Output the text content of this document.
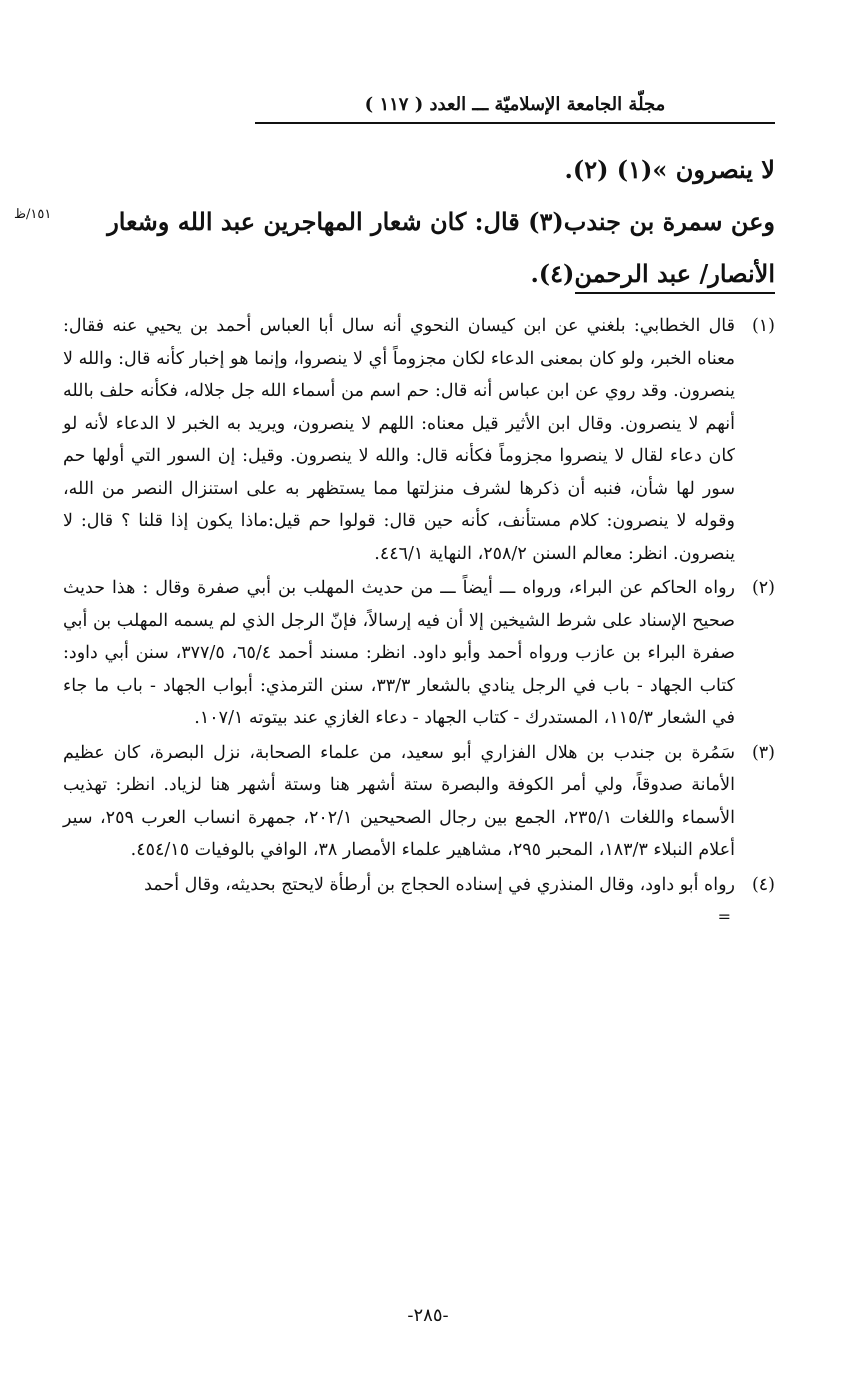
مجلّة الجامعة الإسلاميّة ـــ العدد ( ١١٧ )
لا ينصرون »(١) (٢).
وعن سمرة بن جندب(٣) قال: كان شعار المهاجرين عبد الله وشعار الأنصار/ عبد الرحمن(٤).
١٥١/ظ
(١)

قال الخطابي: بلغني عن ابن كيسان النحوي أنه سال أبا العباس أحمد بن يحيي عنه فقال: معناه الخبر، ولو كان بمعنى الدعاء لكان مجزوماً أي لا ينصروا، وإنما هو إخبار كأنه قال: والله لا ينصرون. وقد روي عن ابن عباس أنه قال: حم اسم من أسماء الله جل جلاله، فكأنه حلف بالله أنهم لا ينصرون. وقال ابن الأثير قيل معناه: اللهم لا ينصرون، ويريد به الخبر لا الدعاء لأنه لو كان دعاء لقال لا ينصروا مجزوماً فكأنه قال: والله لا ينصرون. وقيل: إن السور التي أولها حم سور لها شأن، فنبه أن ذكرها لشرف منزلتها مما يستظهر به على استنزال النصر من الله، وقوله لا ينصرون: كلام مستأنف، كأنه حين قال: قولوا حم قيل:ماذا يكون إذا قلنا ؟ قال: لا ينصرون. انظر: معالم السنن ٢٥٨/٢، النهاية ٤٤٦/١.

(٢)

رواه الحاكم عن البراء، ورواه ـــ أيضاً ـــ من حديث المهلب بن أبي صفرة وقال : هذا حديث صحيح الإسناد على شرط الشيخين إلا أن فيه إرسالاً، فإنّ الرجل الذي لم يسمه المهلب بن أبي صفرة البراء بن عازب ورواه أحمد وأبو داود. انظر: مسند أحمد ٦٥/٤، ٣٧٧/٥، سنن أبي داود: كتاب الجهاد - باب في الرجل ينادي بالشعار ٣٣/٣، سنن الترمذي: أبواب الجهاد - باب ما جاء في الشعار ١١٥/٣، المستدرك - كتاب الجهاد - دعاء الغازي عند بيتوته ١٠٧/١.

(٣)

سَمُرة بن جندب بن هلال الفزاري أبو سعيد، من علماء الصحابة، نزل البصرة، كان عظيم الأمانة صدوقاً، ولي أمر الكوفة والبصرة ستة أشهر هنا وستة أشهر هنا لزياد. انظر: تهذيب الأسماء واللغات ٢٣٥/١، الجمع بين رجال الصحيحين ٢٠٢/١، جمهرة انساب العرب ٢٥٩، سير أعلام النبلاء ١٨٣/٣، المحبر ٢٩٥، مشاهير علماء الأمصار ٣٨، الوافي بالوفيات ٤٥٤/١٥.

(٤)

رواه أبو داود، وقال المنذري في إسناده الحجاج بن أرطأة لايحتج بحديثه، وقال أحمد

=
-٢٨٥-
